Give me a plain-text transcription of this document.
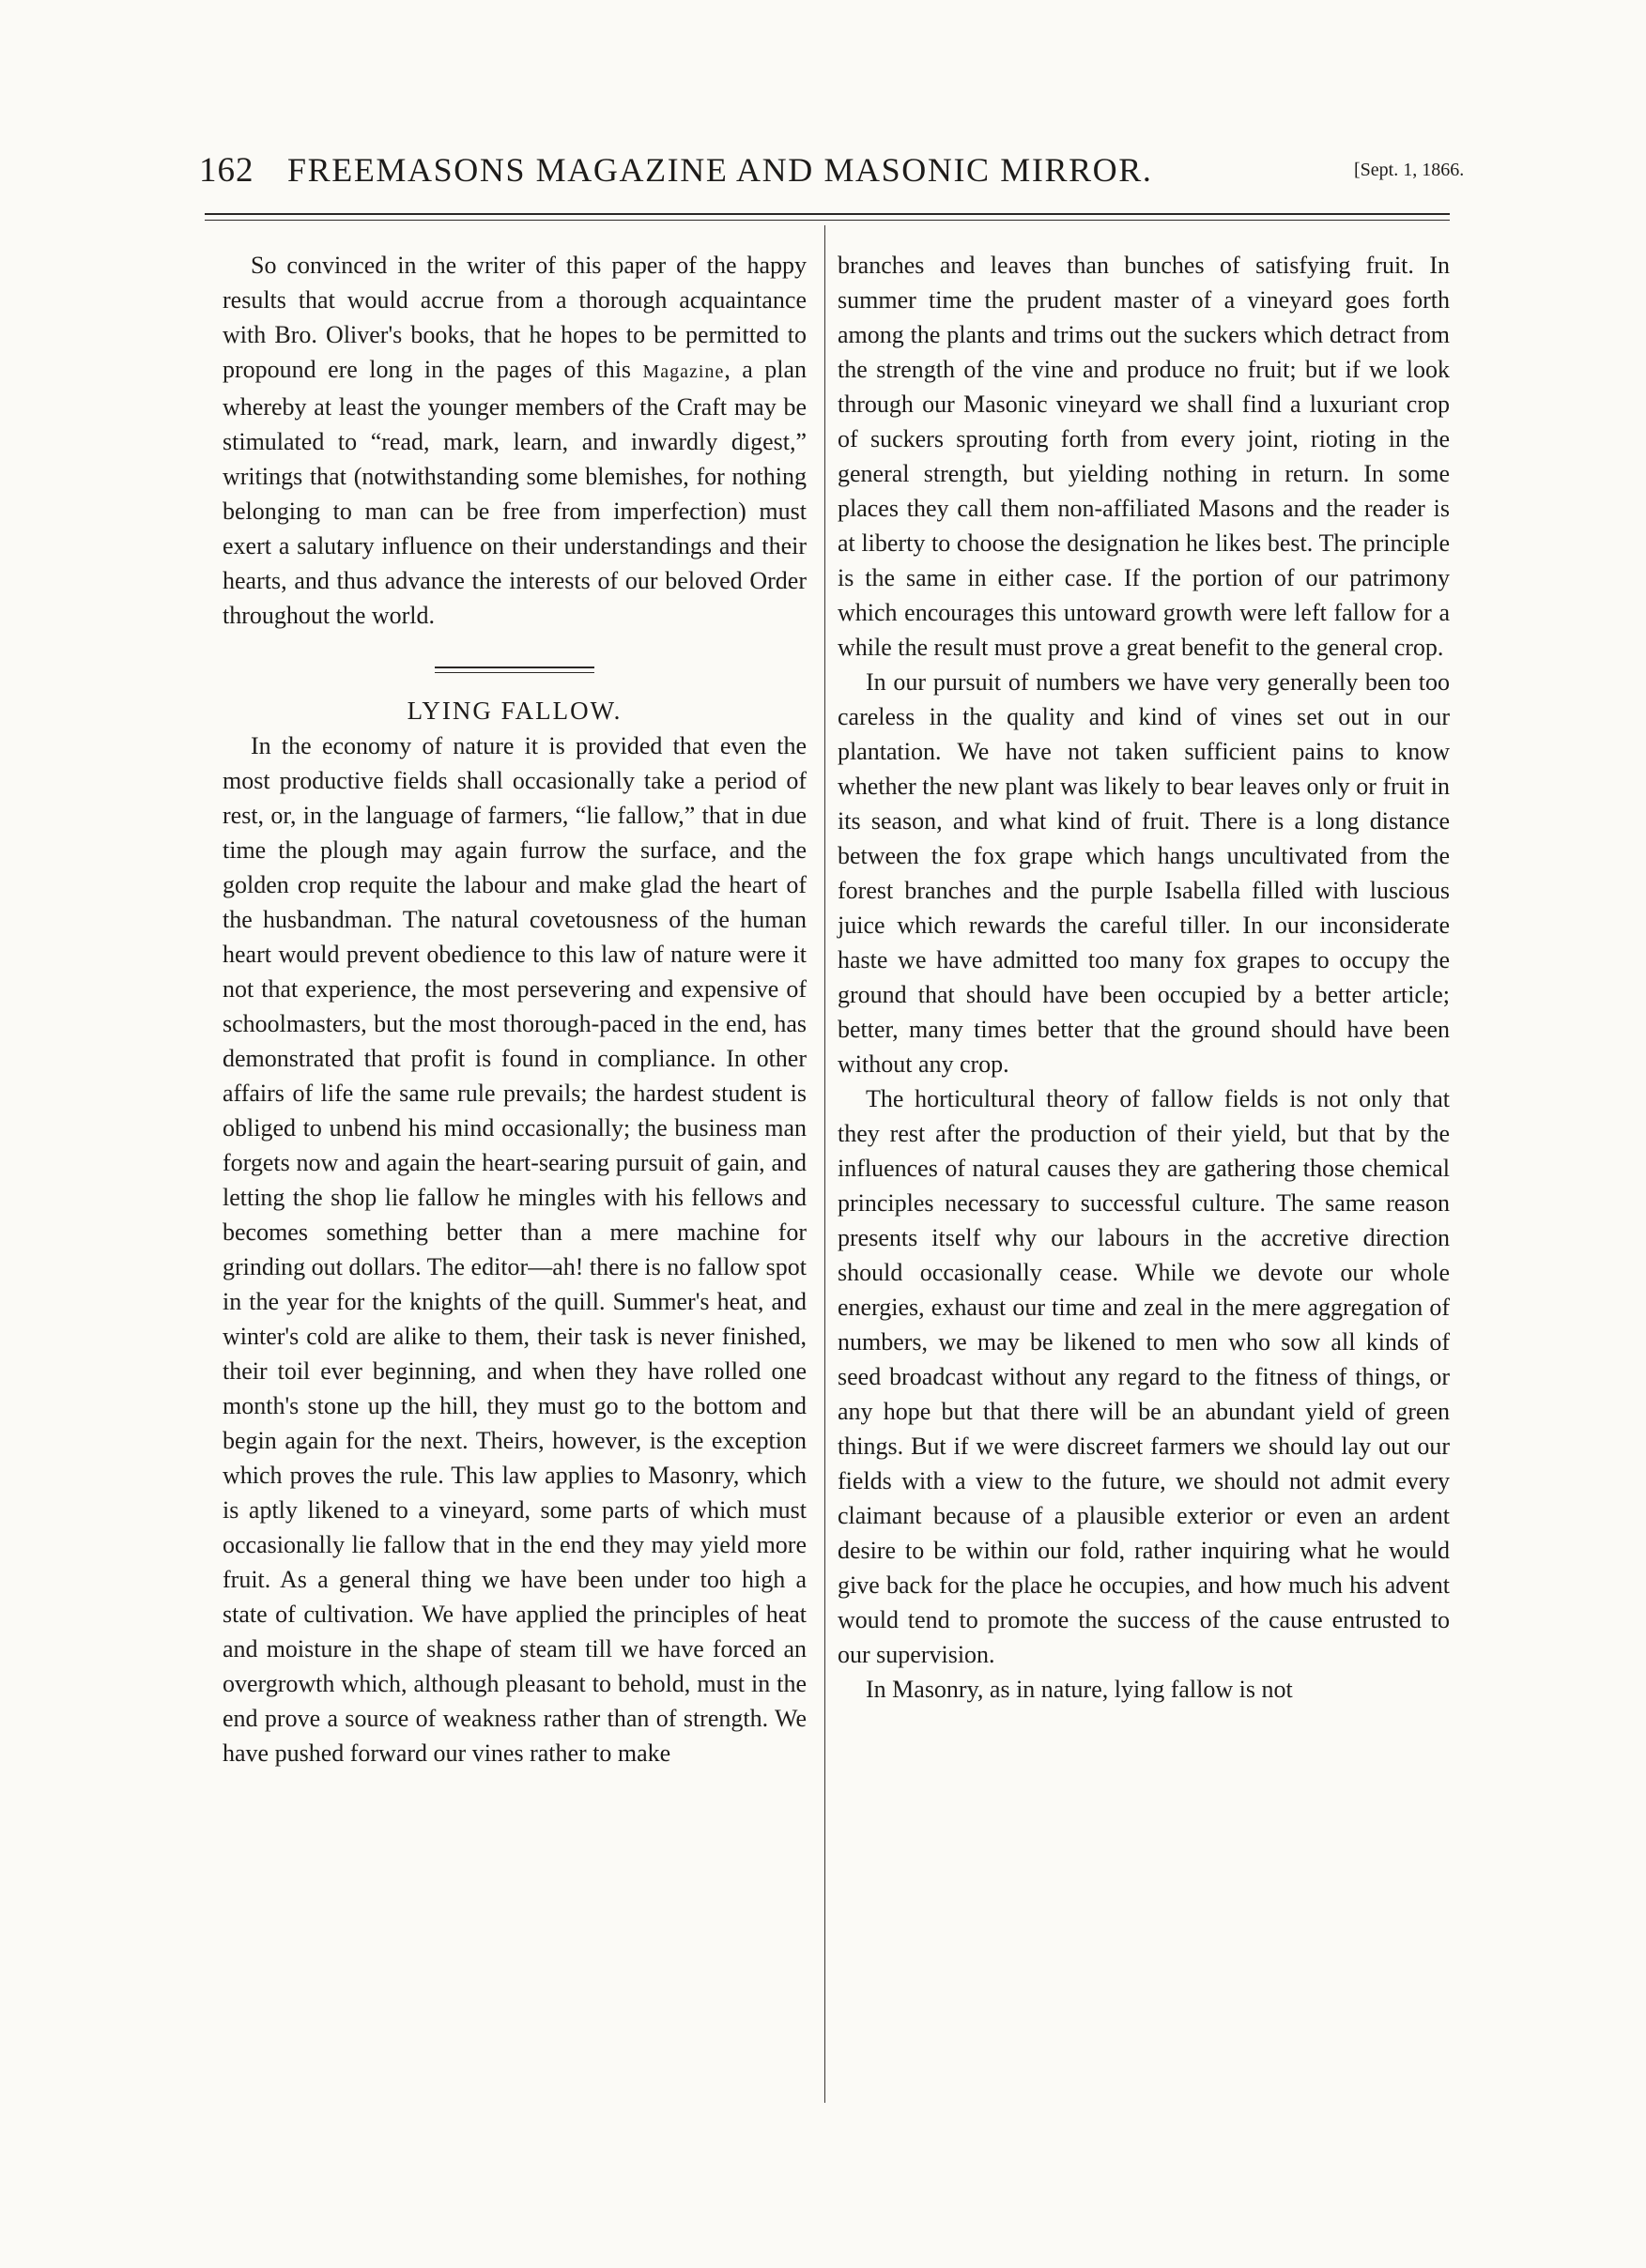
162 FREEMASONS MAGAZINE AND MASONIC MIRROR.	[Sept. 1, 1866.

So convinced in the writer of this paper of the happy results that would accrue from a thorough acquaintance with Bro. Oliver's books, that he hopes to be permitted to propound ere long in the pages of this Magazine, a plan whereby at least the younger members of the Craft may be stimulated to “read, mark, learn, and inwardly digest,” writings that (notwithstanding some blemishes, for nothing belonging to man can be free from imperfection) must exert a salutary influence on their understandings and their hearts, and thus advance the interests of our beloved Order throughout the world.

LYING FALLOW.

In the economy of nature it is provided that even the most productive fields shall occasionally take a period of rest, or, in the language of farmers, “lie fallow,” that in due time the plough may again furrow the surface, and the golden crop requite the labour and make glad the heart of the husbandman. The natural covetousness of the human heart would prevent obedience to this law of nature were it not that experience, the most persevering and expensive of schoolmasters, but the most thorough-paced in the end, has demonstrated that profit is found in compliance. In other affairs of life the same rule prevails; the hardest student is obliged to unbend his mind occasionally; the business man forgets now and again the heart-searing pursuit of gain, and letting the shop lie fallow he mingles with his fellows and becomes something better than a mere machine for grinding out dollars. The editor—ah! there is no fallow spot in the year for the knights of the quill. Summer's heat, and winter's cold are alike to them, their task is never finished, their toil ever beginning, and when they have rolled one month's stone up the hill, they must go to the bottom and begin again for the next. Theirs, however, is the exception which proves the rule. This law applies to Masonry, which is aptly likened to a vineyard, some parts of which must occasionally lie fallow that in the end they may yield more fruit. As a general thing we have been under too high a state of cultivation. We have applied the principles of heat and moisture in the shape of steam till we have forced an overgrowth which, although pleasant to behold, must in the end prove a source of weakness rather than of strength. We have pushed forward our vines rather to make

branches and leaves than bunches of satisfying fruit. In summer time the prudent master of a vineyard goes forth among the plants and trims out the suckers which detract from the strength of the vine and produce no fruit; but if we look through our Masonic vineyard we shall find a luxuriant crop of suckers sprouting forth from every joint, rioting in the general strength, but yielding nothing in return. In some places they call them non-affiliated Masons and the reader is at liberty to choose the designation he likes best. The principle is the same in either case. If the portion of our patrimony which encourages this untoward growth were left fallow for a while the result must prove a great benefit to the general crop.

In our pursuit of numbers we have very generally been too careless in the quality and kind of vines set out in our plantation. We have not taken sufficient pains to know whether the new plant was likely to bear leaves only or fruit in its season, and what kind of fruit. There is a long distance between the fox grape which hangs uncultivated from the forest branches and the purple Isabella filled with luscious juice which rewards the careful tiller. In our inconsiderate haste we have admitted too many fox grapes to occupy the ground that should have been occupied by a better article; better, many times better that the ground should have been without any crop.

The horticultural theory of fallow fields is not only that they rest after the production of their yield, but that by the influences of natural causes they are gathering those chemical principles necessary to successful culture. The same reason presents itself why our labours in the accretive direction should occasionally cease. While we devote our whole energies, exhaust our time and zeal in the mere aggregation of numbers, we may be likened to men who sow all kinds of seed broadcast without any regard to the fitness of things, or any hope but that there will be an abundant yield of green things. But if we were discreet farmers we should lay out our fields with a view to the future, we should not admit every claimant because of a plausible exterior or even an ardent desire to be within our fold, rather inquiring what he would give back for the place he occupies, and how much his advent would tend to promote the success of the cause entrusted to our supervision.

In Masonry, as in nature, lying fallow is not
